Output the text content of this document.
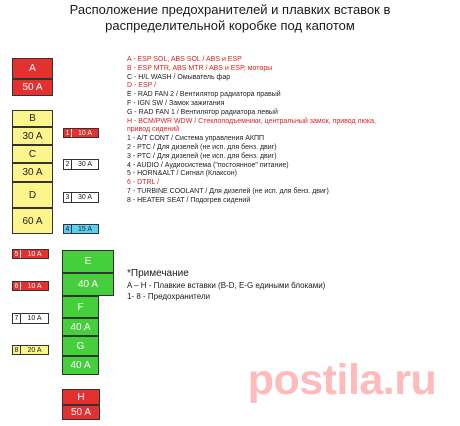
Расположение предохранителей и плавких вставок в
распределительной коробке под капотом
A
50 A
B
30 A
C
30 A
D
60 A
E
40 A
F
40 A
G
40 A
H
50 A
1	10 A
2	30 A
3	30 A
4	15 A
5	10 A
6	10 A
7	10 A
8	20 A
A - ESP SOL, ABS SOL / ABS и ESP
B - ESP MTR, ABS MTR / ABS и ESP, моторы
C - H/L WASH / Омыватель фар
D - ESP /
E - RAD FAN 2 / Вентилятор радиатора правый
F - IGN SW / Замок зажигания
G - RAD FAN 1 / Вентилятор радиатора левый
H - BCM/PWR WDW / Стеклоподъемники, центральный замок, привод люка,
привод сидений
1 - A/T CONT / Система управления АКПП
2 - PTC / Для дизелей (не исп. для бенз. двиг)
3 - PTC / Для дизелей (не исп. для бенз. двиг)
4 - AUDIO / Аудиосистема ("постоянное" питание)
5 - HORN&ALT / Сигнал (Клаксон)
6 - DTRL /
7 - TURBINE COOLANT / Для дизелей (не исп. для бенз. двиг)
8 - HEATER SEAT / Подогрев сидений
*Примечание
A – H - Плавкие вставки (B-D, E-G едиными блоками)
1- 8 - Предохранители
postila.ru
